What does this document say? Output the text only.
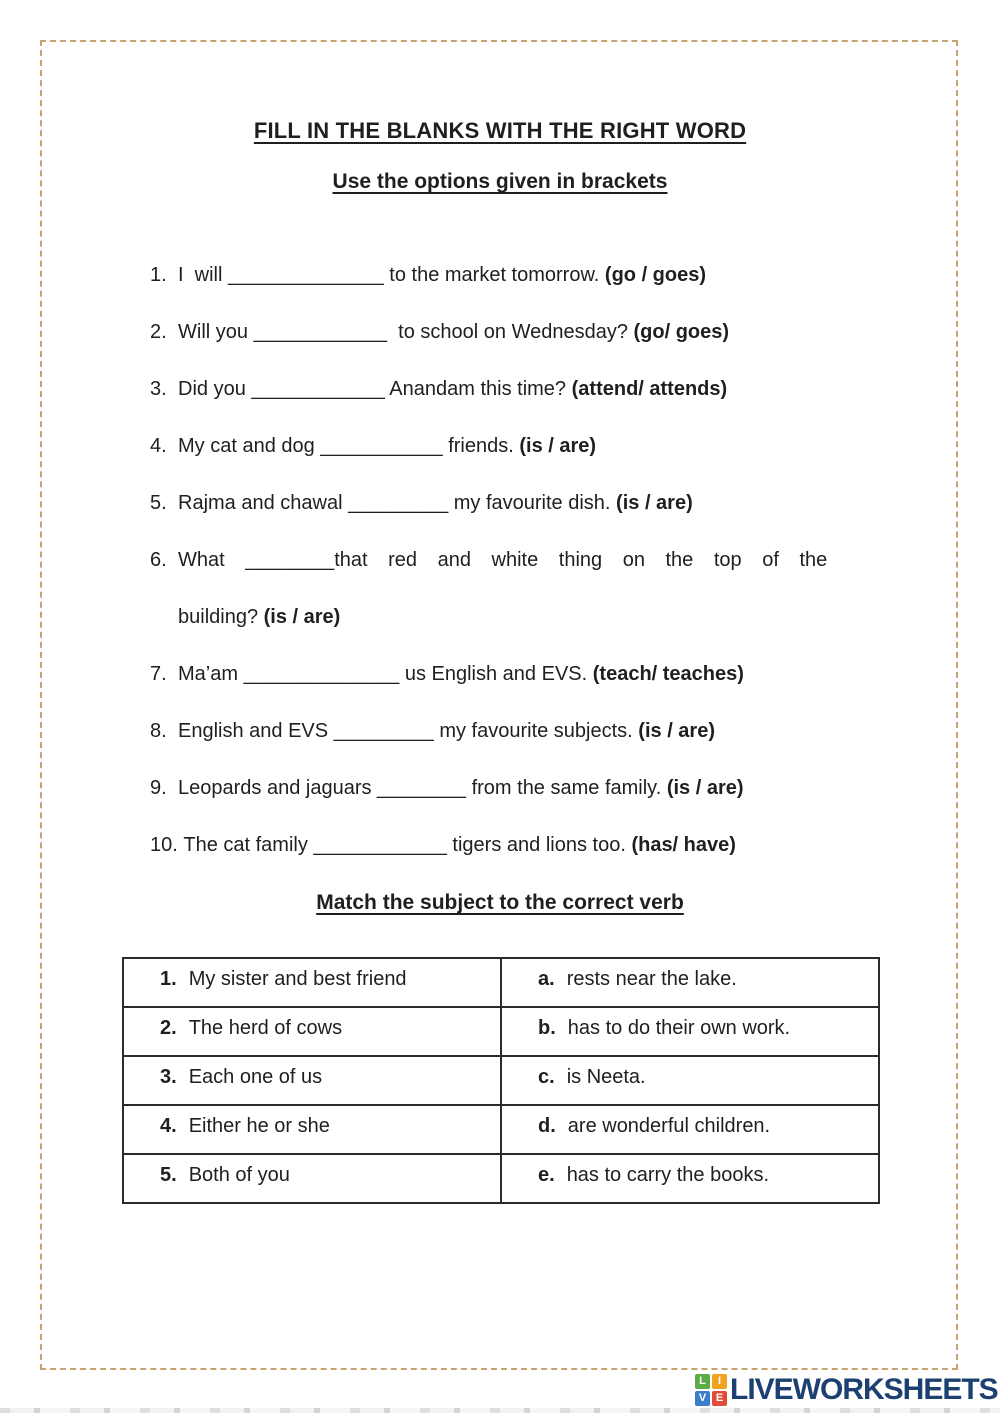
FILL IN THE BLANKS WITH THE RIGHT WORD
Use the options given in brackets
1. I  will ______________ to the market tomorrow. (go / goes)
2. Will you ____________  to school on Wednesday? (go/ goes)
3. Did you ____________ Anandam this time? (attend/ attends)
4. My cat and dog ___________ friends. (is / are)
5. Rajma and chawal _________ my favourite dish. (is / are)
6. What ________that red and white thing on the top of the
building? (is / are)
7. Ma’am ______________ us English and EVS. (teach/ teaches)
8. English and EVS _________ my favourite subjects. (is / are)
9. Leopards and jaguars ________ from the same family. (is / are)
10. The cat family ____________ tigers and lions too. (has/ have)
Match the subject to the correct verb
1. My sister and best friend	a. rests near the lake.
2. The herd of cows	b. has to do their own work.
3. Each one of us	c. is Neeta.
4. Either he or she	d. are wonderful children.
5. Both of you	e. has to carry the books.
L	I
V E LIVEWORKSHEETS
